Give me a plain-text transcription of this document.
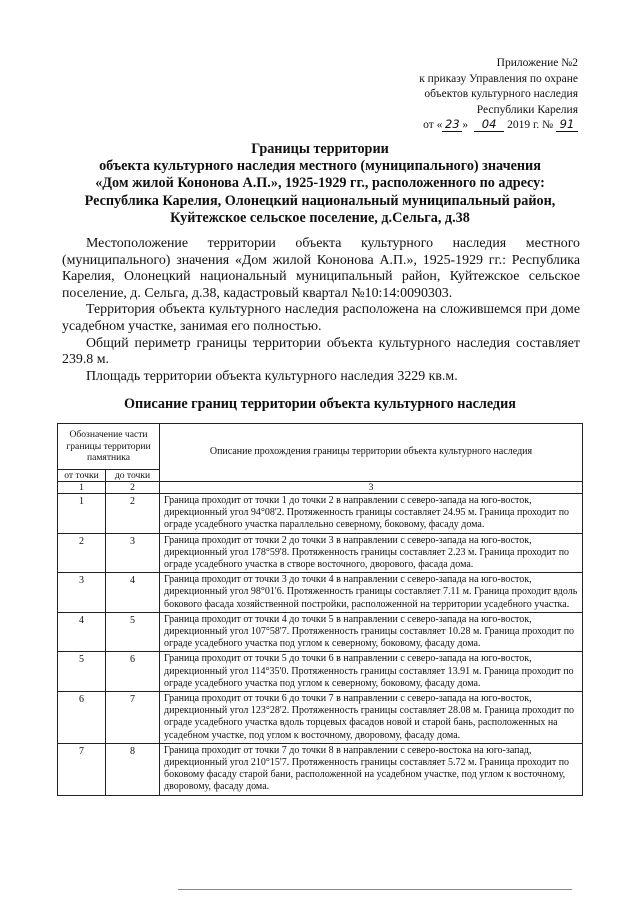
Приложение №2
к приказу Управления по охране
объектов культурного наследия
Республики Карелия
от « 23 » 04 2019 г. № 91
Границы территории
объекта культурного наследия местного (муниципального) значения
«Дом жилой Кононова А.П.», 1925-1929 гг., расположенного по адресу:
Республика Карелия, Олонецкий национальный муниципальный район,
Куйтежское сельское поселение, д.Сельга, д.38

Местоположение территории объекта культурного наследия местного (муниципального) значения «Дом жилой Кононова А.П.», 1925-1929 гг.: Республика Карелия, Олонецкий национальный муниципальный район, Куйтежское сельское поселение, д. Сельга, д.38, кадастровый квартал №10:14:0090303.

Территория объекта культурного наследия расположена на сложившемся при доме усадебном участке, занимая его полностью.

Общий периметр границы территории объекта культурного наследия составляет 239.8 м.

Площадь территории объекта культурного наследия 3229 кв.м.

Описание границ территории объекта культурного наследия
Обозначение части границы территории памятника		Описание прохождения границы территории объекта культурного наследия
от точки	до точки	
1	2	3
1	2	Граница проходит от точки 1 до точки 2 в направлении с северо-запада на юго-восток, дирекционный угол 94°08'2. Протяженность границы составляет 24.95 м. Граница проходит по ограде усадебного участка параллельно северному, боковому, фасаду дома.
2	3	Граница проходит от точки 2 до точки 3 в направлении с северо-запада на юго-восток, дирекционный угол 178°59'8. Протяженность границы составляет 2.23 м. Граница проходит по ограде усадебного участка в створе восточного, дворового, фасада дома.
3	4	Граница проходит от точки 3 до точки 4 в направлении с северо-запада на юго-восток, дирекционный угол 98°01'6. Протяженность границы составляет 7.11 м. Граница проходит вдоль бокового фасада хозяйственной постройки, расположенной на территории усадебного участка.
4	5	Граница проходит от точки 4 до точки 5 в направлении с северо-запада на юго-восток, дирекционный угол 107°58'7. Протяженность границы составляет 10.28 м. Граница проходит по ограде усадебного участка под углом к северному, боковому, фасаду дома.
5	6	Граница проходит от точки 5 до точки 6 в направлении с северо-запада на юго-восток, дирекционный угол 114°35'0. Протяженность границы составляет 13.91 м. Граница проходит по ограде усадебного участка под углом к северному, боковому, фасаду дома.
6	7	Граница проходит от точки 6 до точки 7 в направлении с северо-запада на юго-восток, дирекционный угол 123°28'2. Протяженность границы составляет 28.08 м. Граница проходит по ограде усадебного участка вдоль торцевых фасадов новой и старой бань, расположенных на усадебном участке, под углом к восточному, дворовому, фасаду дома.
7	8	Граница проходит от точки 7 до точки 8 в направлении с северо-востока на юго-запад, дирекционный угол 210°15'7. Протяженность границы составляет 5.72 м. Граница проходит по боковому фасаду старой бани, расположенной на усадебном участке, под углом к восточному, дворовому, фасаду дома.
